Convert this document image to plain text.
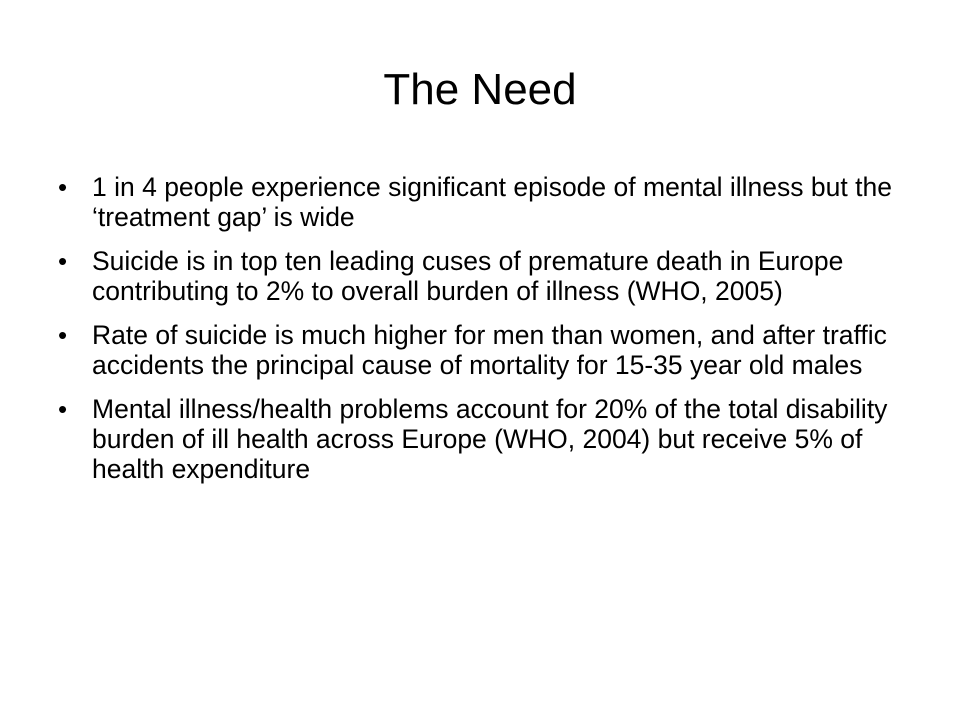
The Need
• 1 in 4 people experience significant episode of mental illness but the ‘treatment gap’ is wide
• Suicide is in top ten leading cuses of premature death in Europe contributing to 2% to overall burden of illness (WHO, 2005)
• Rate of suicide is much higher for men than women, and after traffic accidents the principal cause of mortality for 15-35 year old males
• Mental illness/health problems account for 20% of the total disability burden of ill health across Europe (WHO, 2004) but receive 5% of health expenditure
